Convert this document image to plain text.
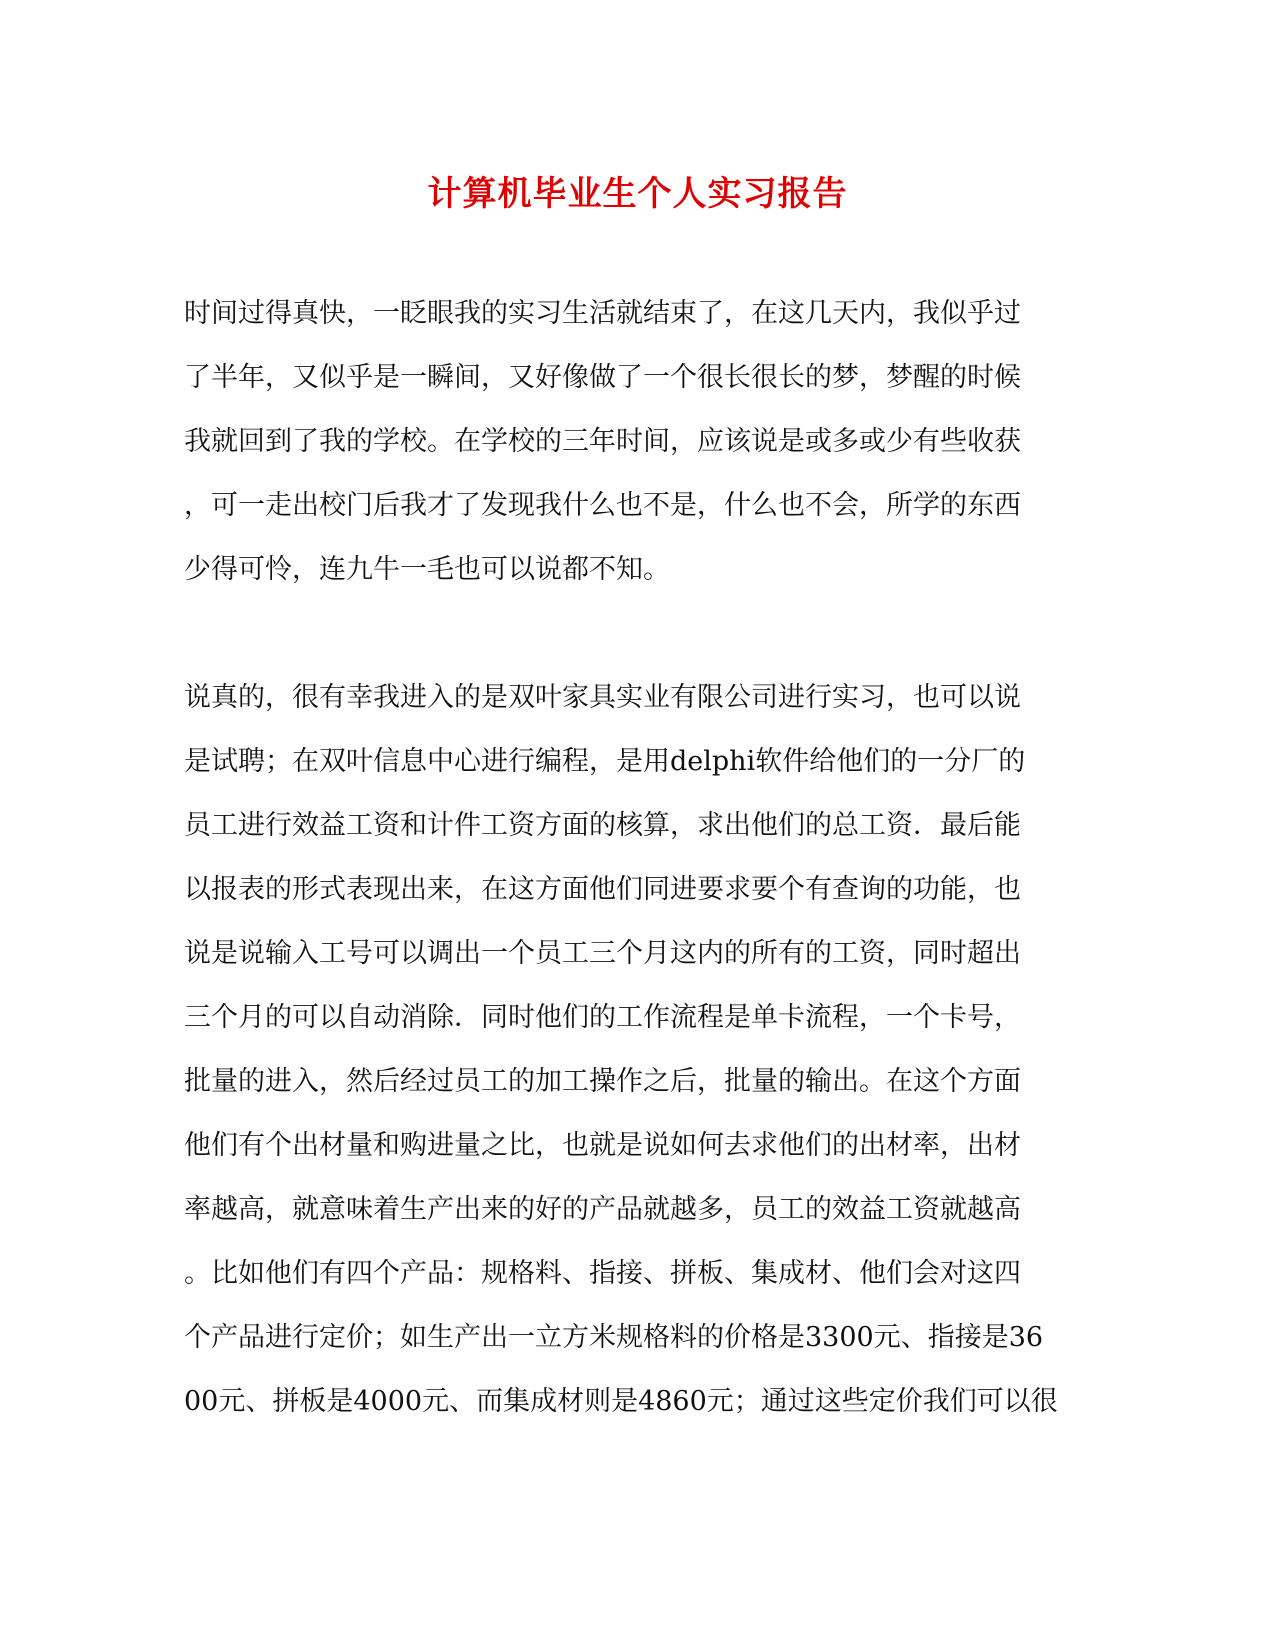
计算机毕业生个人实习报告
时间过得真快，一眨眼我的实习生活就结束了，在这几天内，我似乎过
了半年，又似乎是一瞬间，又好像做了一个很长很长的梦，梦醒的时候
我就回到了我的学校。在学校的三年时间，应该说是或多或少有些收获
，可一走出校门后我才了发现我什么也不是，什么也不会，所学的东西
少得可怜，连九牛一毛也可以说都不知。
说真的，很有幸我进入的是双叶家具实业有限公司进行实习，也可以说
是试聘；在双叶信息中心进行编程，是用delphi软件给他们的一分厂的
员工进行效益工资和计件工资方面的核算，求出他们的总工资．最后能
以报表的形式表现出来，在这方面他们同进要求要个有查询的功能，也
说是说输入工号可以调出一个员工三个月这内的所有的工资，同时超出
三个月的可以自动消除．同时他们的工作流程是单卡流程，一个卡号，
批量的进入，然后经过员工的加工操作之后，批量的输出。在这个方面
他们有个出材量和购进量之比，也就是说如何去求他们的出材率，出材
率越高，就意味着生产出来的好的产品就越多，员工的效益工资就越高
。比如他们有四个产品：规格料、指接、拼板、集成材、他们会对这四
个产品进行定价；如生产出一立方米规格料的价格是3300元、指接是36
00元、拼板是4000元、而集成材则是4860元；通过这些定价我们可以很
